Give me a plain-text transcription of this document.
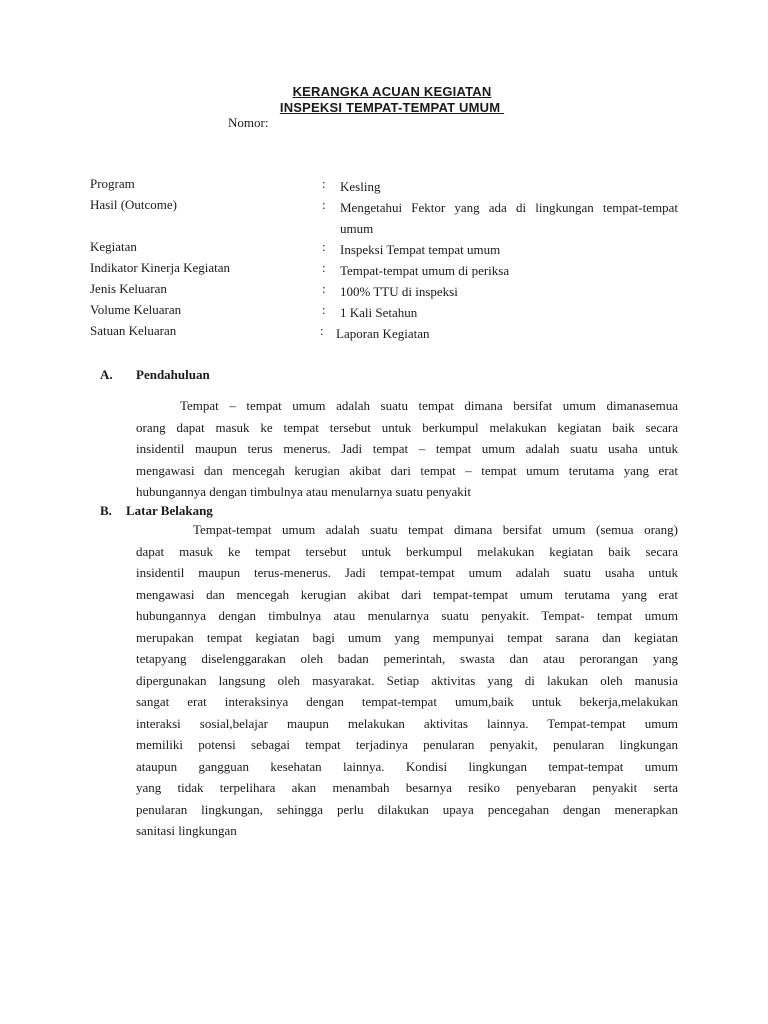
KERANGKA ACUAN KEGIATAN
INSPEKSI TEMPAT-TEMPAT UMUM
Nomor:
Program	: Kesling
Hasil (Outcome)	: Mengetahui Fektor yang ada di lingkungan tempat-tempat umum
Kegiatan	: Inspeksi Tempat tempat umum
Indikator Kinerja Kegiatan	: Tempat-tempat umum di periksa
Jenis Keluaran	: 100% TTU di inspeksi
Volume Keluaran	: 1 Kali Setahun
Satuan Keluaran	: Laporan Kegiatan
A. Pendahuluan
Tempat – tempat umum adalah suatu tempat dimana bersifat umum dimanasemua
orang dapat masuk ke tempat tersebut untuk berkumpul melakukan kegiatan baik secara
insidentil maupun terus menerus. Jadi tempat – tempat umum adalah suatu usaha untuk
mengawasi dan mencegah kerugian akibat dari tempat – tempat umum terutama yang erat
hubungannya dengan timbulnya atau menularnya suatu penyakit
B. Latar Belakang
Tempat-tempat umum adalah suatu tempat dimana bersifat umum (semua orang)
dapat masuk ke tempat tersebut untuk berkumpul melakukan kegiatan baik secara
insidentil maupun terus-menerus. Jadi tempat-tempat umum adalah suatu usaha untuk
mengawasi dan mencegah kerugian akibat dari tempat-tempat umum terutama yang erat
hubungannya dengan timbulnya atau menularnya suatu penyakit. Tempat- tempat umum
merupakan tempat kegiatan bagi umum yang mempunyai tempat sarana dan kegiatan
tetapyang diselenggarakan oleh badan pemerintah, swasta dan atau perorangan yang
dipergunakan langsung oleh masyarakat. Setiap aktivitas yang di lakukan oleh manusia
sangat erat interaksinya dengan tempat-tempat umum,baik untuk bekerja,melakukan
interaksi sosial,belajar maupun melakukan aktivitas lainnya. Tempat-tempat umum
memiliki potensi sebagai tempat terjadinya penularan penyakit, penularan lingkungan
ataupun gangguan kesehatan lainnya. Kondisi lingkungan tempat-tempat umum
yang tidak terpelihara akan menambah besarnya resiko penyebaran penyakit serta
penularan lingkungan, sehingga perlu dilakukan upaya pencegahan dengan menerapkan
sanitasi lingkungan
